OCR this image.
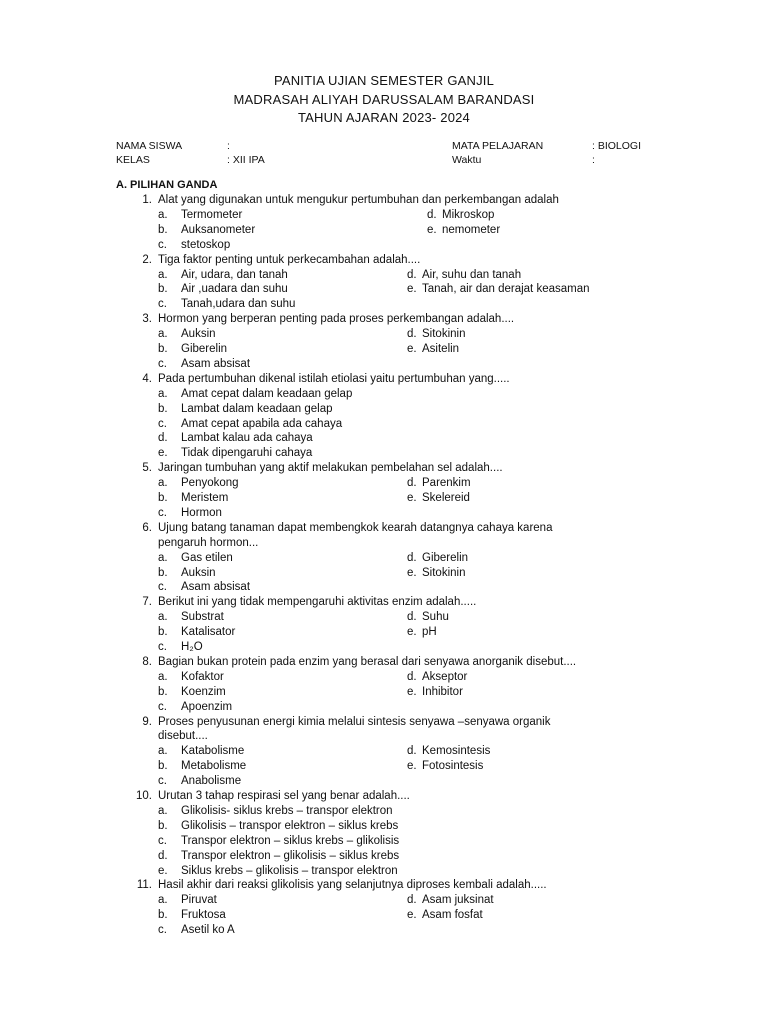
PANITIA UJIAN SEMESTER GANJIL
MADRASAH ALIYAH DARUSSALAM BARANDASI
TAHUN AJARAN 2023- 2024
NAMA SISWA	:
KELAS	: XII IPA
MATA PELAJARAN	: BIOLOGI
Waktu	:
A. PILIHAN GANDA
1. Alat yang digunakan untuk mengukur pertumbuhan dan perkembangan adalah
a. Termometer
b. Auksanometer
c. stetoskop
d. Mikroskop
e. nemometer
2. Tiga faktor penting untuk perkecambahan adalah....
a. Air, udara, dan tanah
b. Air ,uadara dan suhu
c. Tanah,udara dan suhu
d. Air, suhu dan tanah
e. Tanah, air dan derajat keasaman
3. Hormon yang berperan penting pada proses perkembangan adalah....
a. Auksin
b. Giberelin
c. Asam absisat
d. Sitokinin
e. Asitelin
4. Pada pertumbuhan dikenal istilah etiolasi yaitu pertumbuhan yang.....
a. Amat cepat dalam keadaan gelap
b. Lambat dalam keadaan gelap
c. Amat cepat apabila ada cahaya
d. Lambat kalau ada cahaya
e. Tidak dipengaruhi cahaya
5. Jaringan tumbuhan yang aktif melakukan pembelahan sel adalah....
a. Penyokong
b. Meristem
c. Hormon
d. Parenkim
e. Skelereid
6. Ujung batang tanaman dapat membengkok kearah datangnya cahaya karena
pengaruh hormon...
a. Gas etilen
b. Auksin
c. Asam absisat
d. Giberelin
e. Sitokinin
7. Berikut ini yang tidak mempengaruhi aktivitas enzim adalah.....
a. Substrat
b. Katalisator
c. H₂O
d. Suhu
e. pH
8. Bagian bukan protein pada enzim yang berasal dari senyawa anorganik disebut....
a. Kofaktor
b. Koenzim
c. Apoenzim
d. Akseptor
e. Inhibitor
9. Proses penyusunan energi kimia melalui sintesis senyawa –senyawa organik
disebut....
a. Katabolisme
b. Metabolisme
c. Anabolisme
d. Kemosintesis
e. Fotosintesis
10. Urutan 3 tahap respirasi sel yang benar adalah....
a. Glikolisis- siklus krebs – transpor elektron
b. Glikolisis – transpor elektron – siklus krebs
c. Transpor elektron – siklus krebs – glikolisis
d. Transpor elektron – glikolisis – siklus krebs
e. Siklus krebs – glikolisis – transpor elektron
11. Hasil akhir dari reaksi glikolisis yang selanjutnya diproses kembali adalah.....
a. Piruvat
b. Fruktosa
c. Asetil ko A
d. Asam juksinat
e. Asam fosfat
